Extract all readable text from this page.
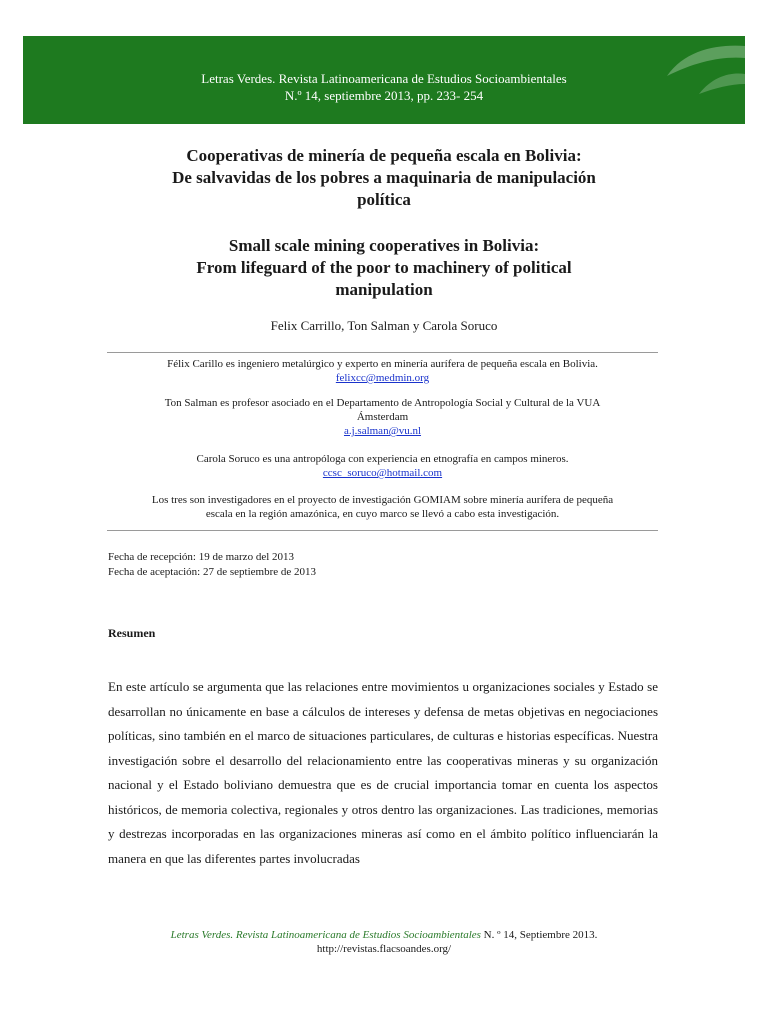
Letras Verdes. Revista Latinoamericana de Estudios Socioambientales
N.º 14, septiembre 2013, pp. 233- 254
Cooperativas de minería de pequeña escala en Bolivia:
De salvavidas de los pobres a maquinaria de manipulación
política
Small scale mining cooperatives in Bolivia:
From lifeguard of the poor to machinery of political
manipulation
Felix Carrillo, Ton Salman y Carola Soruco
Félix Carillo es ingeniero metalúrgico y experto en minería aurífera de pequeña escala en Bolivia.
felixcc@medmin.org
Ton Salman es profesor asociado en el Departamento de Antropología Social y Cultural de la VUA
Ámsterdam
a.j.salman@vu.nl
Carola Soruco es una antropóloga con experiencia en etnografía en campos mineros.
ccsc_soruco@hotmail.com
Los tres son investigadores en el proyecto de investigación GOMIAM sobre minería aurífera de pequeña
escala en la región amazónica, en cuyo marco se llevó a cabo esta investigación.
Fecha de recepción: 19 de marzo del 2013
Fecha de aceptación: 27 de septiembre de 2013
Resumen

En este artículo se argumenta que las relaciones entre movimientos u organizaciones sociales y Estado se desarrollan no únicamente en base a cálculos de intereses y defensa de metas objetivas en negociaciones políticas, sino también en el marco de situaciones particulares, de culturas e historias específicas. Nuestra investigación sobre el desarrollo del relacionamiento entre las cooperativas mineras y su organización nacional y el Estado boliviano demuestra que es de crucial importancia tomar en cuenta los aspectos históricos, de memoria colectiva, regionales y otros dentro las organizaciones. Las tradiciones, memorias y destrezas incorporadas en las organizaciones mineras así como en el ámbito político influenciarán la manera en que las diferentes partes involucradas

Letras Verdes. Revista Latinoamericana de Estudios Socioambientales N. º 14, Septiembre 2013.
http://revistas.flacsoandes.org/
